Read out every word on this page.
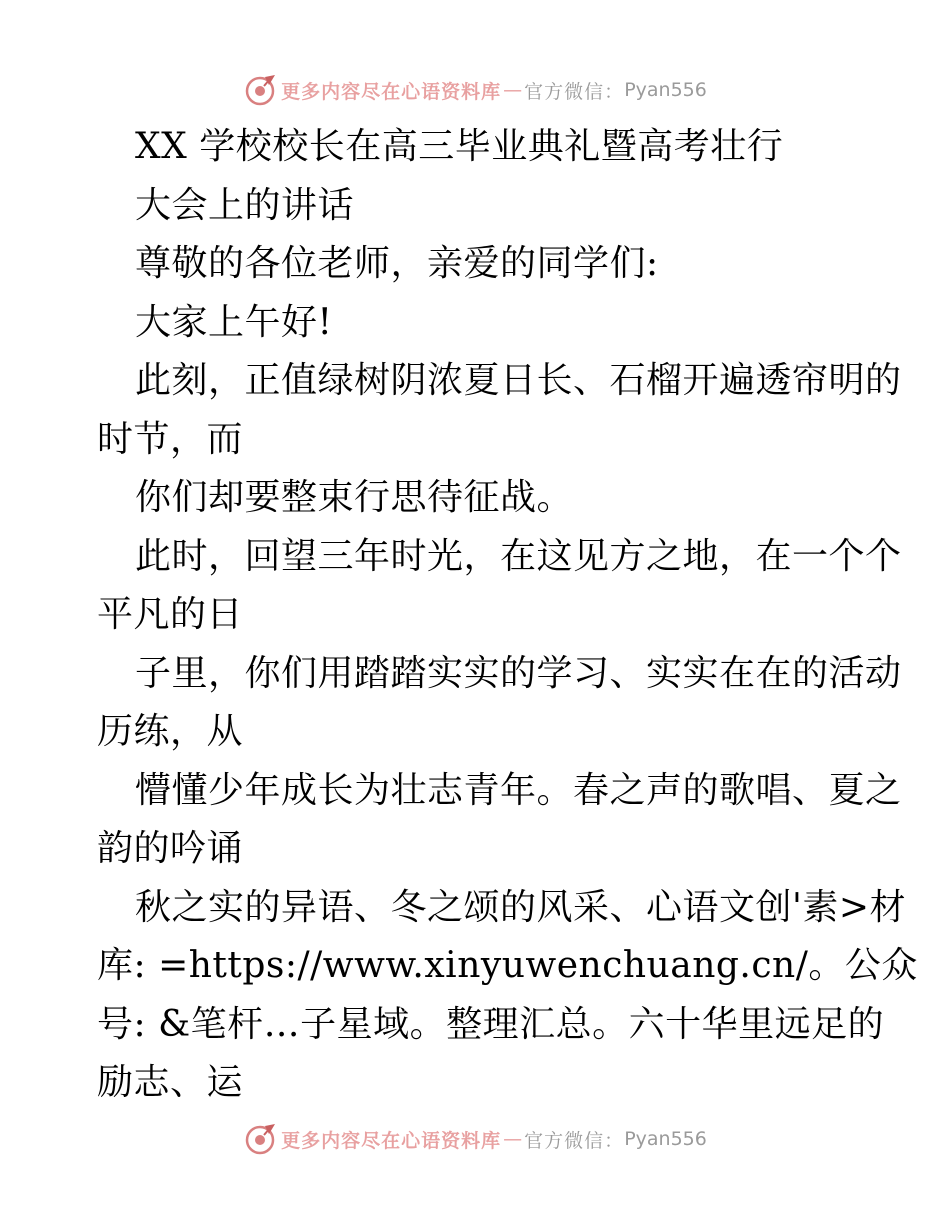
更多内容尽在心语资料库 — 官方微信： Pyan556
XX 学校校长在高三毕业典礼暨高考壮行
大会上的讲话
尊敬的各位老师，亲爱的同学们:
大家上午好!
此刻，正值绿树阴浓夏日长、石榴开遍透帘明的
时节，而
你们却要整束行思待征战。
此时，回望三年时光，在这见方之地，在一个个
平凡的日
子里，你们用踏踏实实的学习、实实在在的活动
历练，从
懵懂少年成长为壮志青年。春之声的歌唱、夏之
韵的吟诵
秋之实的异语、冬之颂的风采、心语文创'素>材
库: =https://www.xinyuwenchuang.cn/。公众
号: &笔杆…子星域。整理汇总。六十华里远足的
励志、运
更多内容尽在心语资料库 — 官方微信： Pyan556
